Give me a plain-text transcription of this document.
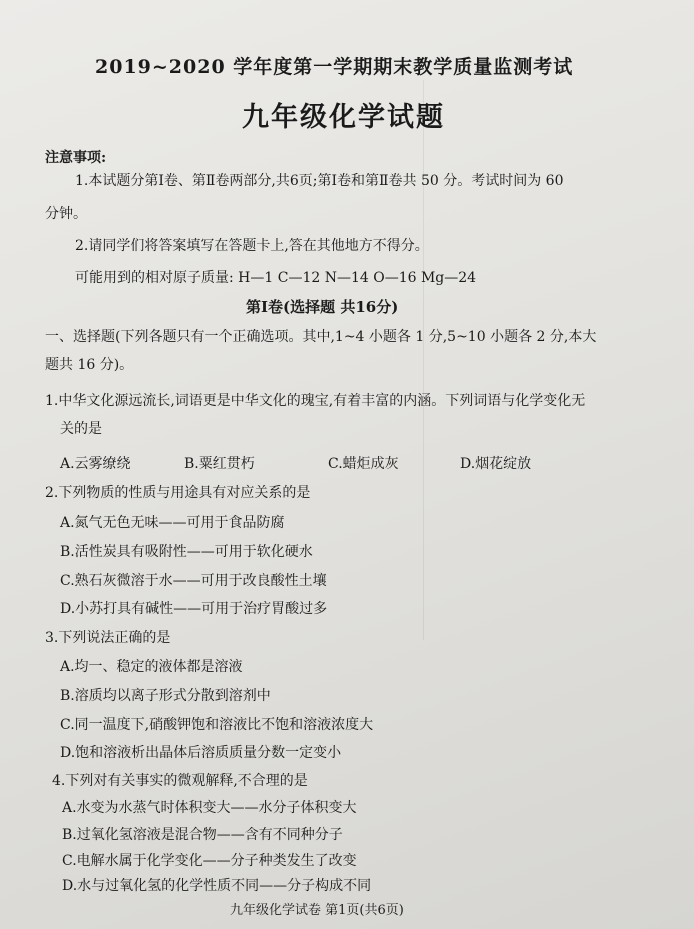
2019~2020 学年度第一学期期末教学质量监测考试
九年级化学试题
注意事项:
1.本试题分第Ⅰ卷、第Ⅱ卷两部分,共6页;第Ⅰ卷和第Ⅱ卷共 50 分。考试时间为 60
分钟。
2.请同学们将答案填写在答题卡上,答在其他地方不得分。
可能用到的相对原子质量: H—1 C—12 N—14 O—16 Mg—24
第Ⅰ卷(选择题 共16分)
一、选择题(下列各题只有一个正确选项。其中,1~4 小题各 1 分,5~10 小题各 2 分,本大
题共 16 分)。
1.中华文化源远流长,词语更是中华文化的瑰宝,有着丰富的内涵。下列词语与化学变化无
关的是
A.云雾缭绕	B.粟红贯朽	C.蜡炬成灰	D.烟花绽放
2.下列物质的性质与用途具有对应关系的是
A.氮气无色无味——可用于食品防腐
B.活性炭具有吸附性——可用于软化硬水
C.熟石灰微溶于水——可用于改良酸性土壤
D.小苏打具有碱性——可用于治疗胃酸过多
3.下列说法正确的是
A.均一、稳定的液体都是溶液
B.溶质均以离子形式分散到溶剂中
C.同一温度下,硝酸钾饱和溶液比不饱和溶液浓度大
D.饱和溶液析出晶体后溶质质量分数一定变小
4.下列对有关事实的微观解释,不合理的是
A.水变为水蒸气时体积变大——水分子体积变大
B.过氧化氢溶液是混合物——含有不同种分子
C.电解水属于化学变化——分子种类发生了改变
D.水与过氧化氢的化学性质不同——分子构成不同
九年级化学试卷 第1页(共6页)
